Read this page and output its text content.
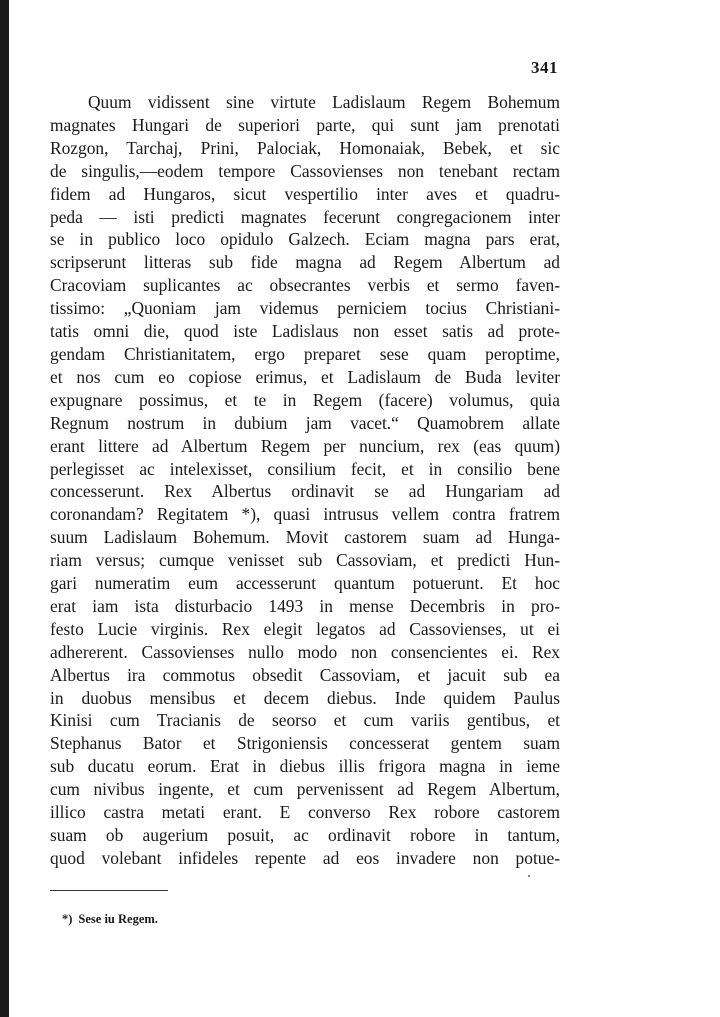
341
Quum vidissent sine virtute Ladislaum Regem Bohemum
magnates Hungari de superiori parte, qui sunt jam prenotati
Rozgon, Tarchaj, Prini, Palociak, Homonaiak, Bebek, et sic
de singulis,—eodem tempore Cassovienses non tenebant rectam
fidem ad Hungaros, sicut vespertilio inter aves et quadru-
peda — isti predicti magnates fecerunt congregacionem inter
se in publico loco opidulo Galzech. Eciam magna pars erat,
scripserunt litteras sub fide magna ad Regem Albertum ad
Cracoviam suplicantes ac obsecrantes verbis et sermo faven-
tissimo: „Quoniam jam videmus perniciem tocius Christiani-
tatis omni die, quod iste Ladislaus non esset satis ad prote-
gendam Christianitatem, ergo preparet sese quam peroptime,
et nos cum eo copiose erimus, et Ladislaum de Buda leviter
expugnare possimus, et te in Regem (facere) volumus, quia
Regnum nostrum in dubium jam vacet.“ Quamobrem allate
erant littere ad Albertum Regem per nuncium, rex (eas quum)
perlegisset ac intelexisset, consilium fecit, et in consilio bene
concesserunt. Rex Albertus ordinavit se ad Hungariam ad
coronandam? Regitatem *), quasi intrusus vellem contra fratrem
suum Ladislaum Bohemum. Movit castorem suam ad Hunga-
riam versus; cumque venisset sub Cassoviam, et predicti Hun-
gari numeratim eum accesserunt quantum potuerunt. Et hoc
erat iam ista disturbacio 1493 in mense Decembris in pro-
festo Lucie virginis. Rex elegit legatos ad Cassovienses, ut ei
adhererent. Cassovienses nullo modo non consencientes ei. Rex
Albertus ira commotus obsedit Cassoviam, et jacuit sub ea
in duobus mensibus et decem diebus. Inde quidem Paulus
Kinisi cum Tracianis de seorso et cum variis gentibus, et
Stephanus Bator et Strigoniensis concesserat gentem suam
sub ducatu eorum. Erat in diebus illis frigora magna in ieme
cum nivibus ingente, et cum pervenissent ad Regem Albertum,
illico castra metati erant. E converso Rex robore castorem
suam ob augerium posuit, ac ordinavit robore in tantum,
quod volebant infideles repente ad eos invadere non potue-
*) Sese iu Regem.
